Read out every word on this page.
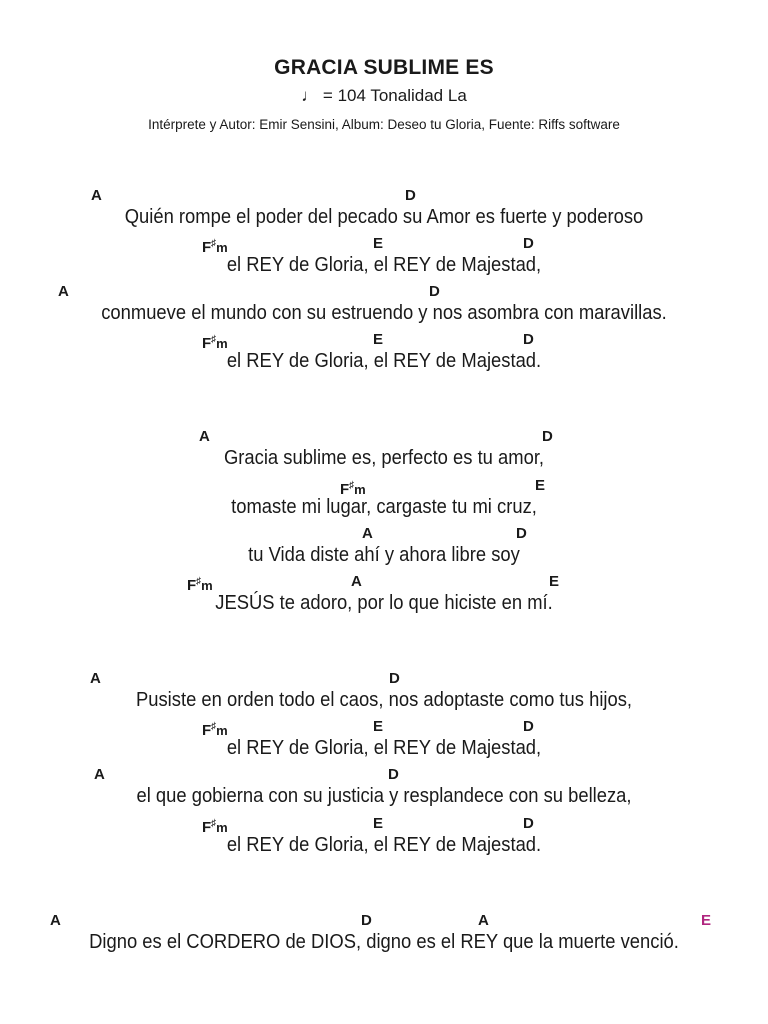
GRACIA SUBLIME ES
♩ = 104 Tonalidad La
Intérprete y Autor: Emir Sensini, Album: Deseo tu Gloria, Fuente: Riffs software
A	D
Quién rompe el poder del pecado su Amor es fuerte y poderoso
F♯m	E	D
el REY de Gloria, el REY de Majestad,
A	D
conmueve el mundo con su estruendo y nos asombra con maravillas.
F♯m	E	D
el REY de Gloria, el REY de Majestad.
A	D
Gracia sublime es, perfecto es tu amor,
F♯m	E
tomaste mi lugar, cargaste tu mi cruz,
A	D
tu Vida diste ahí y ahora libre soy
F♯m	A	E
JESÚS te adoro, por lo que hiciste en mí.
A	D
Pusiste en orden todo el caos, nos adoptaste como tus hijos,
F♯m	E	D
el REY de Gloria, el REY de Majestad,
A	D
el que gobierna con su justicia y resplandece con su belleza,
F♯m	E	D
el REY de Gloria, el REY de Majestad.
A	D	A	E
Digno es el CORDERO de DIOS, digno es el REY que la muerte venció.
